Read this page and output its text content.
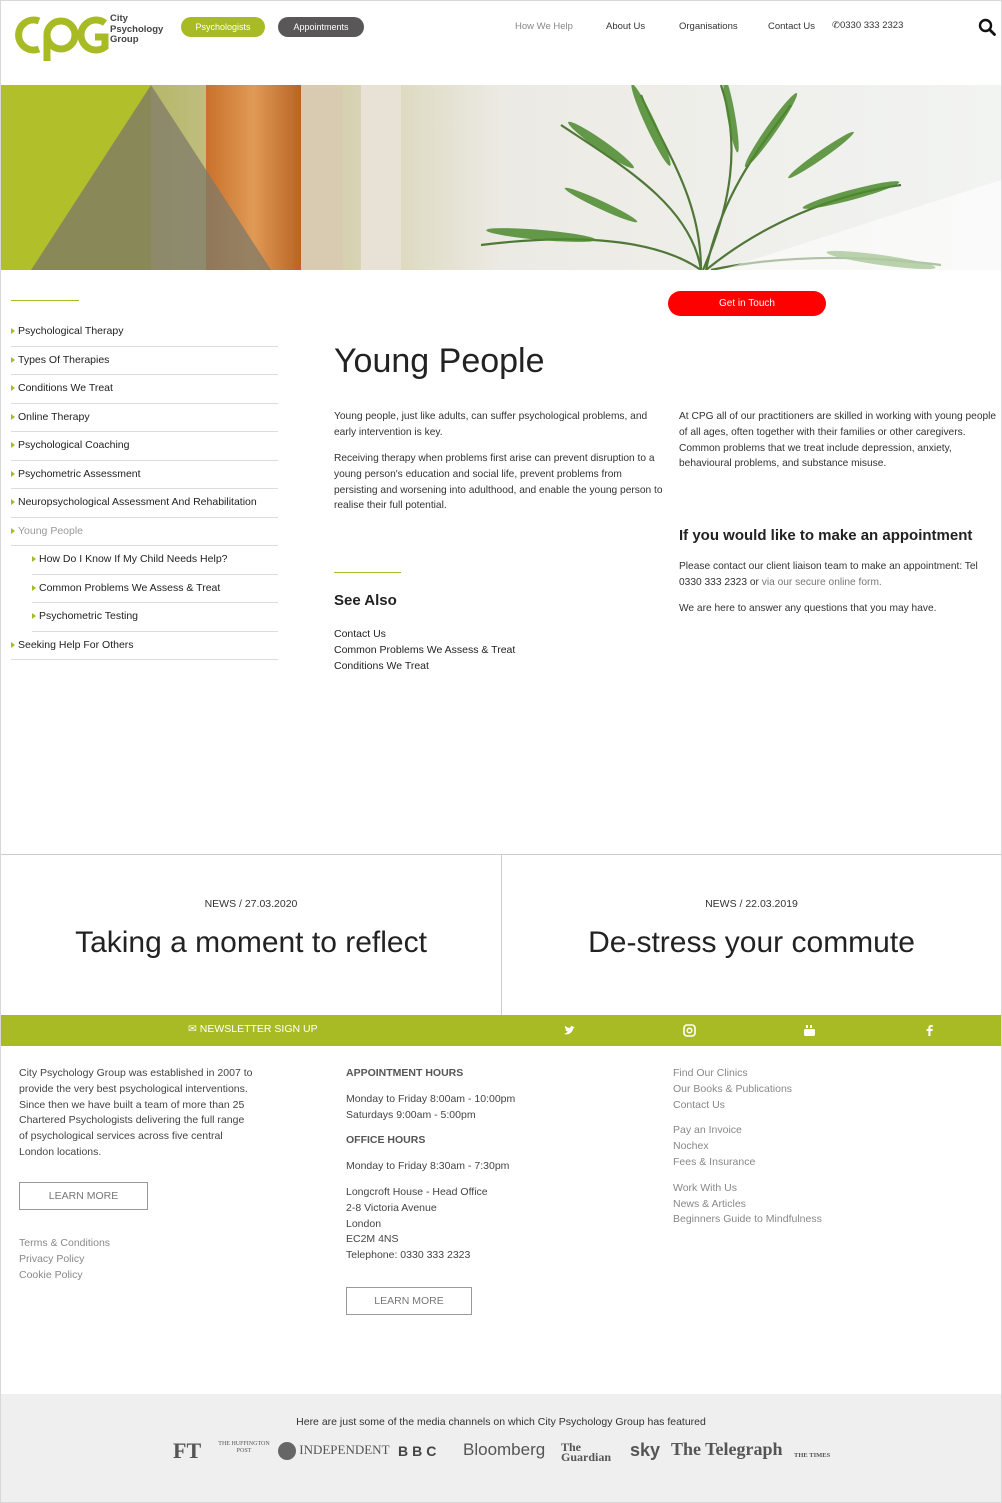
City
Psychology
Group
Psychologists	Appointments	How We Help	About Us	Organisations	Contact Us ✆0330 333 2323
Psychological Therapy
Types Of Therapies
Conditions We Treat
Online Therapy
Psychological Coaching
Psychometric Assessment
Neuropsychological Assessment And Rehabilitation
Young People
How Do I Know If My Child Needs Help?
Common Problems We Assess & Treat
Psychometric Testing
Seeking Help For Others
Get in Touch
Young People

Young people, just like adults, can suffer psychological problems, and early intervention is key.

Receiving therapy when problems first arise can prevent disruption to a young person's education and social life, prevent problems from persisting and worsening into adulthood, and enable the young person to realise their full potential.

At CPG all of our practitioners are skilled in working with young people of all ages, often together with their families or other caregivers. Common problems that we treat include depression, anxiety, behavioural problems, and substance misuse.

If you would like to make an appointment

Please contact our client liaison team to make an appointment: Tel 0330 333 2323 or via our secure online form.

We are here to answer any questions that you may have.

See Also
Contact Us
Common Problems We Assess & Treat
Conditions We Treat
NEWS / 27.03.2020
Taking a moment to reflect
NEWS / 22.03.2019
De-stress your commute
✉ NEWSLETTER SIGN UP

City Psychology Group was established in 2007 to provide the very best psychological interventions. Since then we have built a team of more than 25 Chartered Psychologists delivering the full range of psychological services across five central London locations.

LEARN MORE
Terms & Conditions
Privacy Policy
Cookie Policy
APPOINTMENT HOURS
Monday to Friday 8:00am - 10:00pm
Saturdays 9:00am - 5:00pm
OFFICE HOURS
Monday to Friday 8:30am - 7:30pm
Longcroft House - Head Office
2-8 Victoria Avenue
London
EC2M 4NS
Telephone: 0330 333 2323
LEARN MORE
Find Our Clinics
Our Books & Publications
Contact Us
Pay an Invoice
Nochex
Fees & Insurance
Work With Us
News & Articles
Beginners Guide to Mindfulness
Here are just some of the media channels on which City Psychology Group has featured
FT	THE HUFFINGTON POST	INDEPENDENT BBC Bloomberg The Guardian	sky The Telegraph THE TIMES
